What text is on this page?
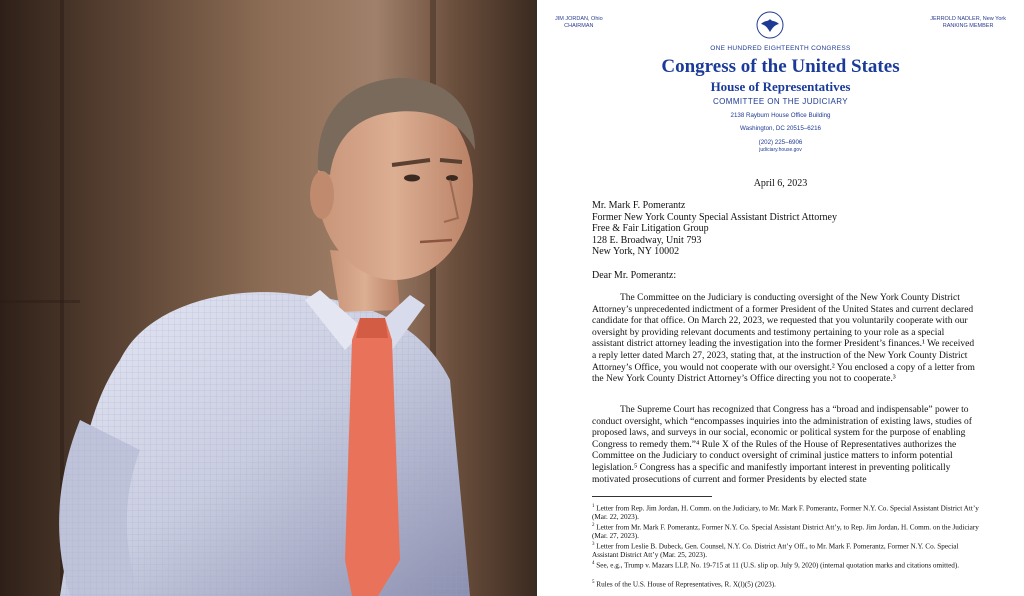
JIM JORDAN, Ohio
CHAIRMAN
JERROLD NADLER, New York
RANKING MEMBER
ONE HUNDRED EIGHTEENTH CONGRESS
Congress of the United States
House of Representatives
COMMITTEE ON THE JUDICIARY
2138 Rayburn House Office Building
Washington, DC 20515–6216
(202) 225–6906
judiciary.house.gov
April 6, 2023
Mr. Mark F. Pomerantz
Former New York County Special Assistant District Attorney
Free & Fair Litigation Group
128 E. Broadway, Unit 793
New York, NY 10002
Dear Mr. Pomerantz:

The Committee on the Judiciary is conducting oversight of the New York County District Attorney’s unprecedented indictment of a former President of the United States and current declared candidate for that office. On March 22, 2023, we requested that you voluntarily cooperate with our oversight by providing relevant documents and testimony pertaining to your role as a special assistant district attorney leading the investigation into the former President’s finances.¹ We received a reply letter dated March 27, 2023, stating that, at the instruction of the New York County District Attorney’s Office, you would not cooperate with our oversight.² You enclosed a copy of a letter from the New York County District Attorney’s Office directing you not to cooperate.³

The Supreme Court has recognized that Congress has a “broad and indispensable” power to conduct oversight, which “encompasses inquiries into the administration of existing laws, studies of proposed laws, and surveys in our social, economic or political system for the purpose of enabling Congress to remedy them.”⁴ Rule X of the Rules of the House of Representatives authorizes the Committee on the Judiciary to conduct oversight of criminal justice matters to inform potential legislation.⁵ Congress has a specific and manifestly important interest in preventing politically motivated prosecutions of current and former Presidents by elected state

$^1$ Letter from Rep. Jim Jordan, H. Comm. on the Judiciary, to Mr. Mark F. Pomerantz, Former N.Y. Co. Special Assistant District Att’y (Mar. 22, 2023).

$^2$ Letter from Mr. Mark F. Pomerantz, Former N.Y. Co. Special Assistant District Att’y, to Rep. Jim Jordan, H. Comm. on the Judiciary (Mar. 27, 2023).

$^3$ Letter from Leslie B. Dubeck, Gen. Counsel, N.Y. Co. District Att’y Off., to Mr. Mark F. Pomerantz, Former N.Y. Co. Special Assistant District Att’y (Mar. 25, 2023).

$^4$ See, e.g., Trump v. Mazars LLP, No. 19-715 at 11 (U.S. slip op. July 9, 2020) (internal quotation marks and citations omitted).

$^5$ Rules of the U.S. House of Representatives, R. X(l)(5) (2023).
